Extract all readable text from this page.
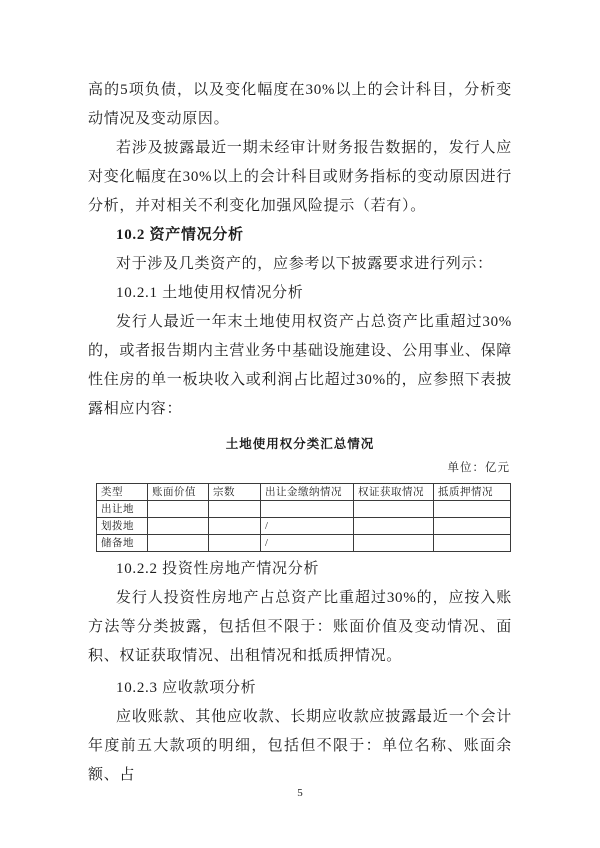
高的5项负债，以及变化幅度在30%以上的会计科目，分析变动情况及变动原因。

若涉及披露最近一期未经审计财务报告数据的，发行人应对变化幅度在30%以上的会计科目或财务指标的变动原因进行分析，并对相关不利变化加强风险提示（若有）。

10.2 资产情况分析

对于涉及几类资产的，应参考以下披露要求进行列示：

10.2.1 土地使用权情况分析

发行人最近一年末土地使用权资产占总资产比重超过30%的，或者报告期内主营业务中基础设施建设、公用事业、保障性住房的单一板块收入或利润占比超过30%的，应参照下表披露相应内容：

土地使用权分类汇总情况

单位：亿元

类型	账面价值	宗数	出让金缴纳情况	权证获取情况	抵质押情况
出让地					
划拨地			/		
储备地			/		

10.2.2 投资性房地产情况分析

发行人投资性房地产占总资产比重超过30%的，应按入账方法等分类披露，包括但不限于：账面价值及变动情况、面积、权证获取情况、出租情况和抵质押情况。

10.2.3 应收款项分析

应收账款、其他应收款、长期应收款应披露最近一个会计年度前五大款项的明细，包括但不限于：单位名称、账面余额、占

5
